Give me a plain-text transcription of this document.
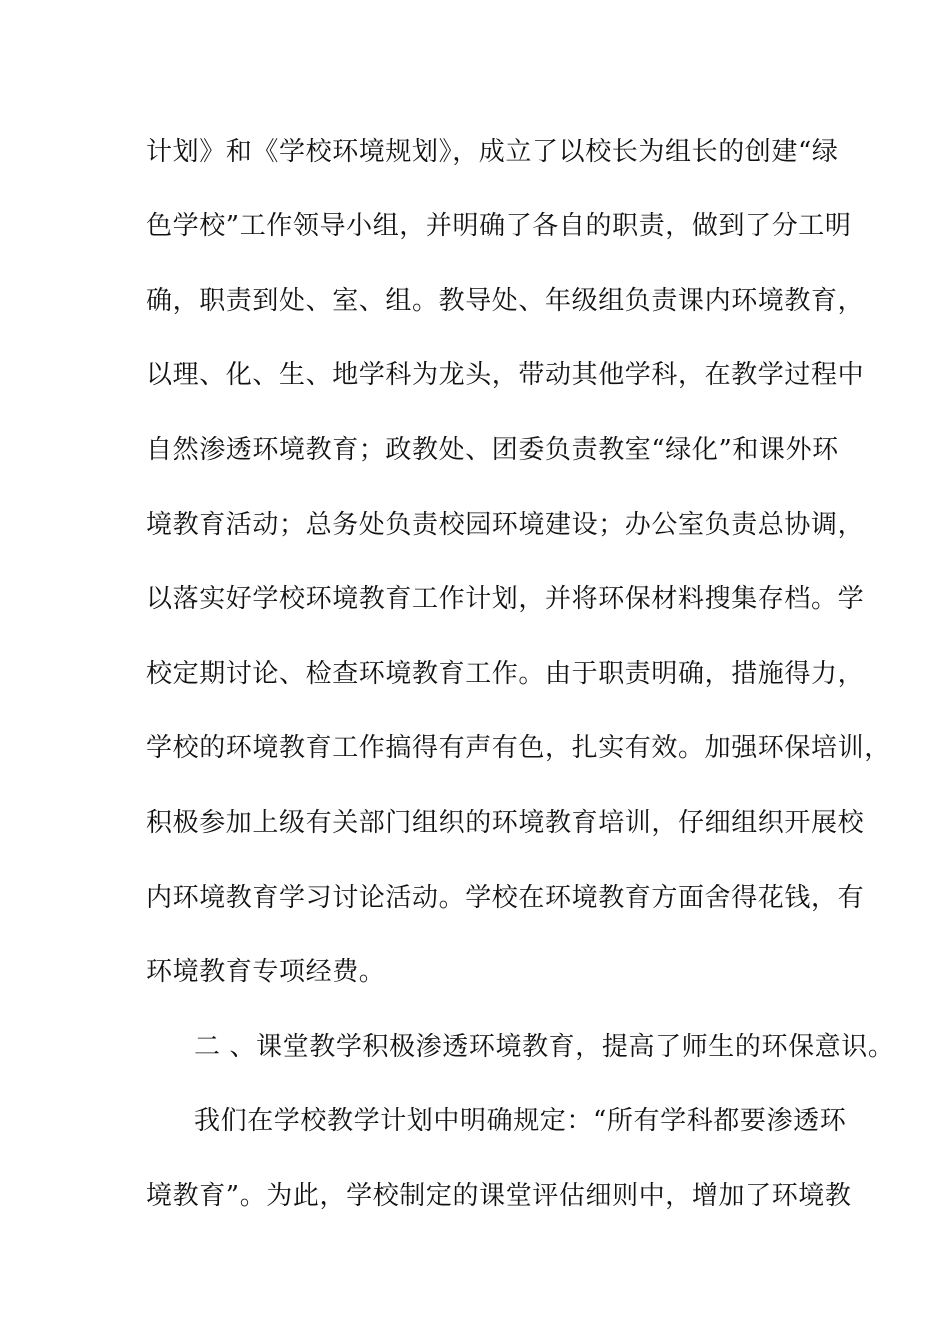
计划》和《学校环境规划》，成立了以校长为组长的创建“绿
色学校”工作领导小组，并明确了各自的职责，做到了分工明
确，职责到处、室、组。教导处、年级组负责课内环境教育，
以理、化、生、地学科为龙头，带动其他学科，在教学过程中
自然渗透环境教育；政教处、团委负责教室“绿化”和课外环
境教育活动；总务处负责校园环境建设；办公室负责总协调，
以落实好学校环境教育工作计划，并将环保材料搜集存档。学
校定期讨论、检查环境教育工作。由于职责明确，措施得力，
学校的环境教育工作搞得有声有色，扎实有效。加强环保培训，
积极参加上级有关部门组织的环境教育培训，仔细组织开展校
内环境教育学习讨论活动。学校在环境教育方面舍得花钱，有
环境教育专项经费。
二 、课堂教学积极渗透环境教育，提高了师生的环保意识。
我们在学校教学计划中明确规定：“所有学科都要渗透环
境教育”。为此，学校制定的课堂评估细则中，增加了环境教
